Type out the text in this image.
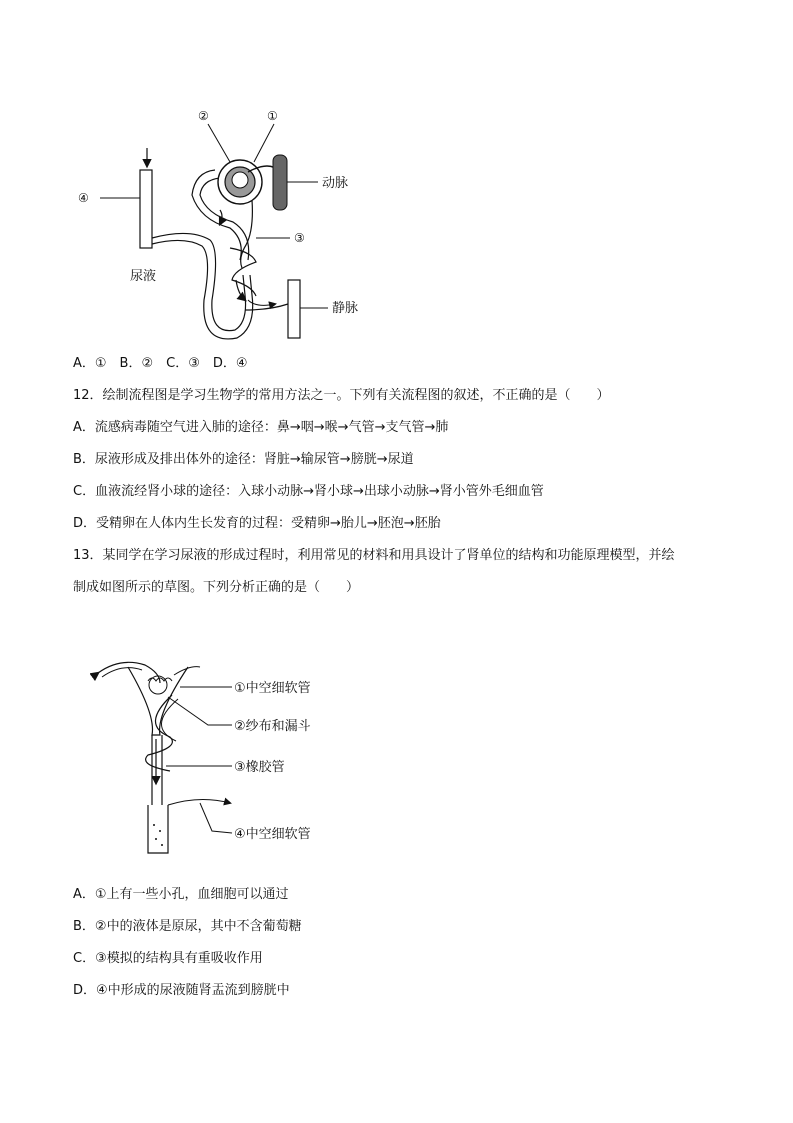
②	①
③
④
动脉
尿液
静脉
A．①　B．②　C．③　D．④
12．绘制流程图是学习生物学的常用方法之一。下列有关流程图的叙述，不正确的是（　　）
A．流感病毒随空气进入肺的途径：鼻→咽→喉→气管→支气管→肺
B．尿液形成及排出体外的途径：肾脏→输尿管→膀胱→尿道
C．血液流经肾小球的途径：入球小动脉→肾小球→出球小动脉→肾小管外毛细血管
D．受精卵在人体内生长发育的过程：受精卵→胎儿→胚泡→胚胎
13．某同学在学习尿液的形成过程时，利用常见的材料和用具设计了肾单位的结构和功能原理模型，并绘
制成如图所示的草图。下列分析正确的是（　　）
①中空细软管
②纱布和漏斗
③橡胶管
④中空细软管
A．①上有一些小孔，血细胞可以通过
B．②中的液体是原尿，其中不含葡萄糖
C．③模拟的结构具有重吸收作用
D．④中形成的尿液随肾盂流到膀胱中
